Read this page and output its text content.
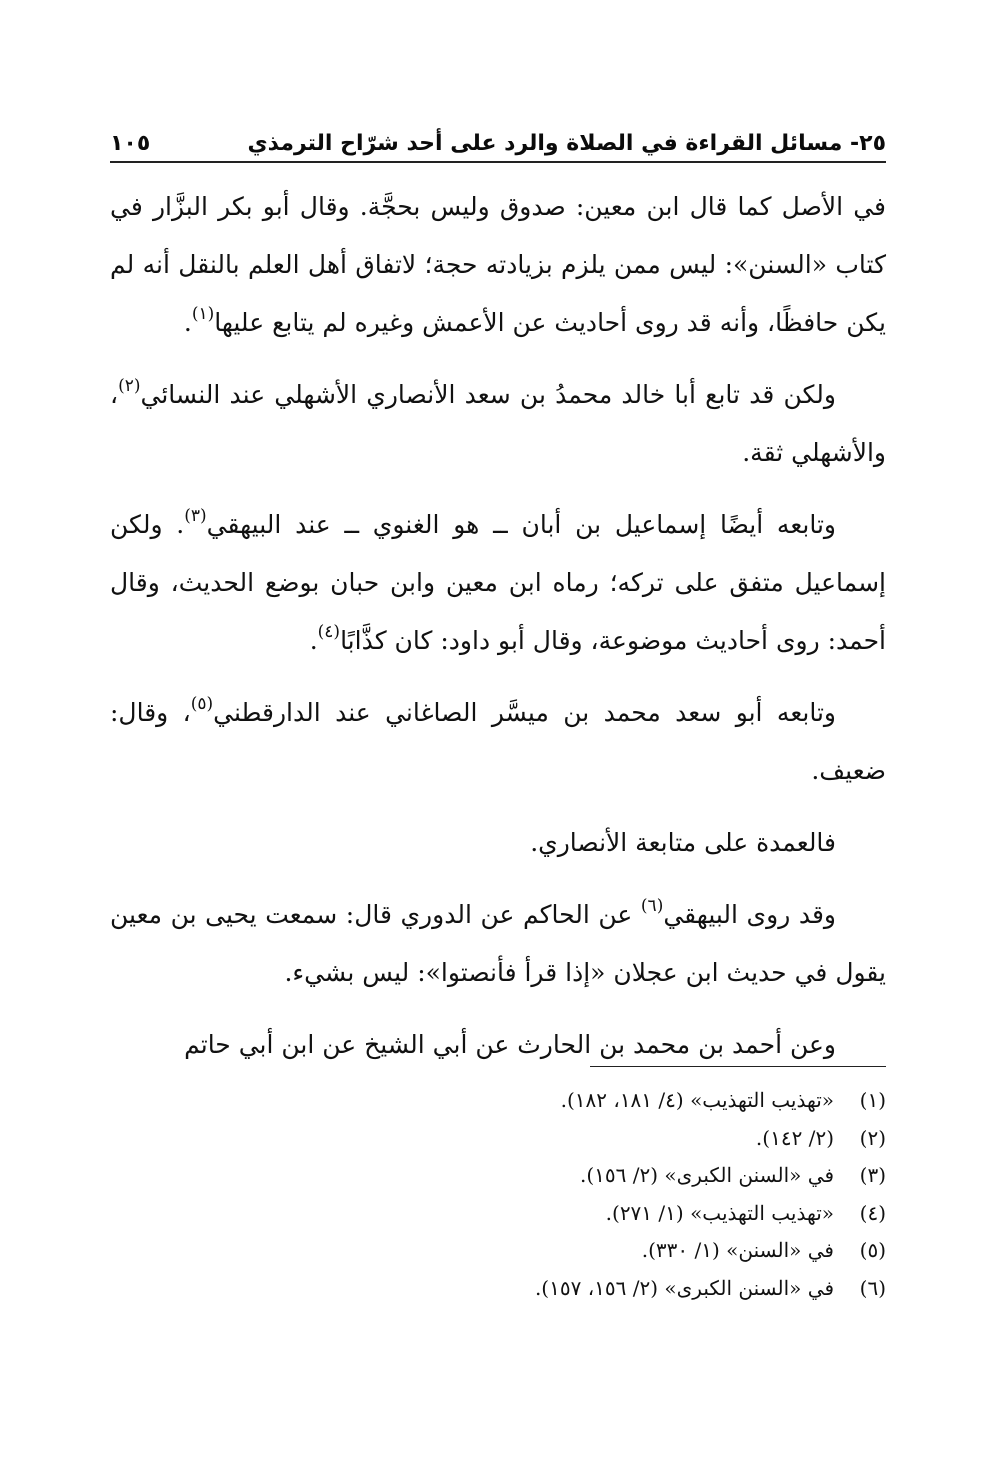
٢٥- مسائل القراءة في الصلاة والرد على أحد شرّاح الترمذي
١٠٥

في الأصل كما قال ابن معين: صدوق وليس بحجَّة. وقال أبو بكر البزَّار في كتاب «السنن»: ليس ممن يلزم بزيادته حجة؛ لاتفاق أهل العلم بالنقل أنه لم يكن حافظًا، وأنه قد روى أحاديث عن الأعمش وغيره لم يتابع عليها$^{(١)}$.

ولكن قد تابع أبا خالد محمدُ بن سعد الأنصاري الأشهلي عند النسائي$^{(٢)}$، والأشهلي ثقة.

وتابعه أيضًا إسماعيل بن أبان ــ هو الغنوي ــ عند البيهقي$^{(٣)}$. ولكن إسماعيل متفق على تركه؛ رماه ابن معين وابن حبان بوضع الحديث، وقال أحمد: روى أحاديث موضوعة، وقال أبو داود: كان كذَّابًا$^{(٤)}$.

وتابعه أبو سعد محمد بن ميسَّر الصاغاني عند الدارقطني$^{(٥)}$، وقال: ضعيف.

فالعمدة على متابعة الأنصاري.

وقد روى البيهقي$^{(٦)}$ عن الحاكم عن الدوري قال: سمعت يحيى بن معين يقول في حديث ابن عجلان «إذا قرأ فأنصتوا»: ليس بشيء.

وعن أحمد بن محمد بن الحارث عن أبي الشيخ عن ابن أبي حاتم

(١)
«تهذيب التهذيب» (٤/ ١٨١، ١٨٢).
(٢)
(٢/ ١٤٢).
(٣)
في «السنن الكبرى» (٢/ ١٥٦).
(٤)
«تهذيب التهذيب» (١/ ٢٧١).
(٥)
في «السنن» (١/ ٣٣٠).
(٦)
في «السنن الكبرى» (٢/ ١٥٦، ١٥٧).
